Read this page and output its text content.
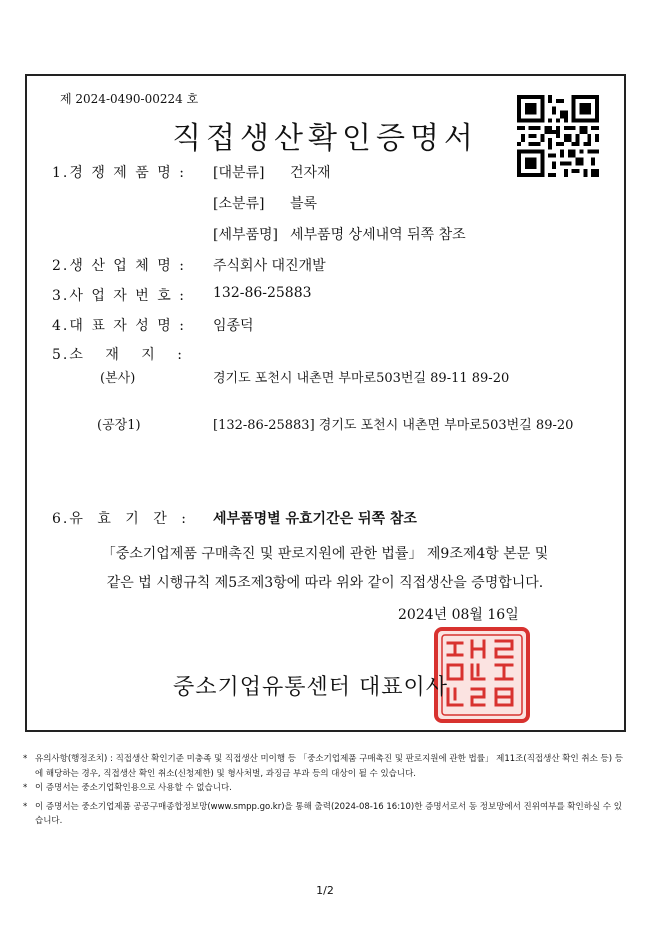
제 2024-0490-00224 호
직접생산확인증명서
1.경 쟁 제 품 명 : [대분류] 건자재
[소분류] 블록
[세부품명] 세부품명 상세내역 뒤쪽 참조
2.생 산 업 체 명 : 주식회사 대진개발
3.사 업 자 번 호 : 132-86-25883
4.대 표 자 성 명 : 임종덕
5.소 재 지 :
(본사)	경기도 포천시 내촌면 부마로503번길 89-11 89-20
(공장1)	[132-86-25883] 경기도 포천시 내촌면 부마로503번길 89-20
6.유 효 기 간 : 세부품명별 유효기간은 뒤쪽 참조
「중소기업제품 구매촉진 및 판로지원에 관한 법률」 제9조제4항 본문 및
같은 법 시행규칙 제5조제3항에 따라 위와 같이 직접생산을 증명합니다.
2024년 08월 16일
중소기업유통센터 대표이사

* 유의사항(행정조치) : 직접생산 확인기준 미충족 및 직접생산 미이행 등 「중소기업제품 구매촉진 및 판로지원에 관한 법률」 제11조(직접생산 확인 취소 등) 등에 해당하는 경우, 직접생산 확인 취소(신청제한) 및 형사처벌, 과징금 부과 등의 대상이 될 수 있습니다.

* 이 증명서는 중소기업확인용으로 사용할 수 없습니다.

* 이 증명서는 중소기업제품 공공구매종합정보망(www.smpp.go.kr)을 통해 출력(2024-08-16 16:10)한 증명서로서 동 정보망에서 진위여부를 확인하실 수 있습니다.

1/2
